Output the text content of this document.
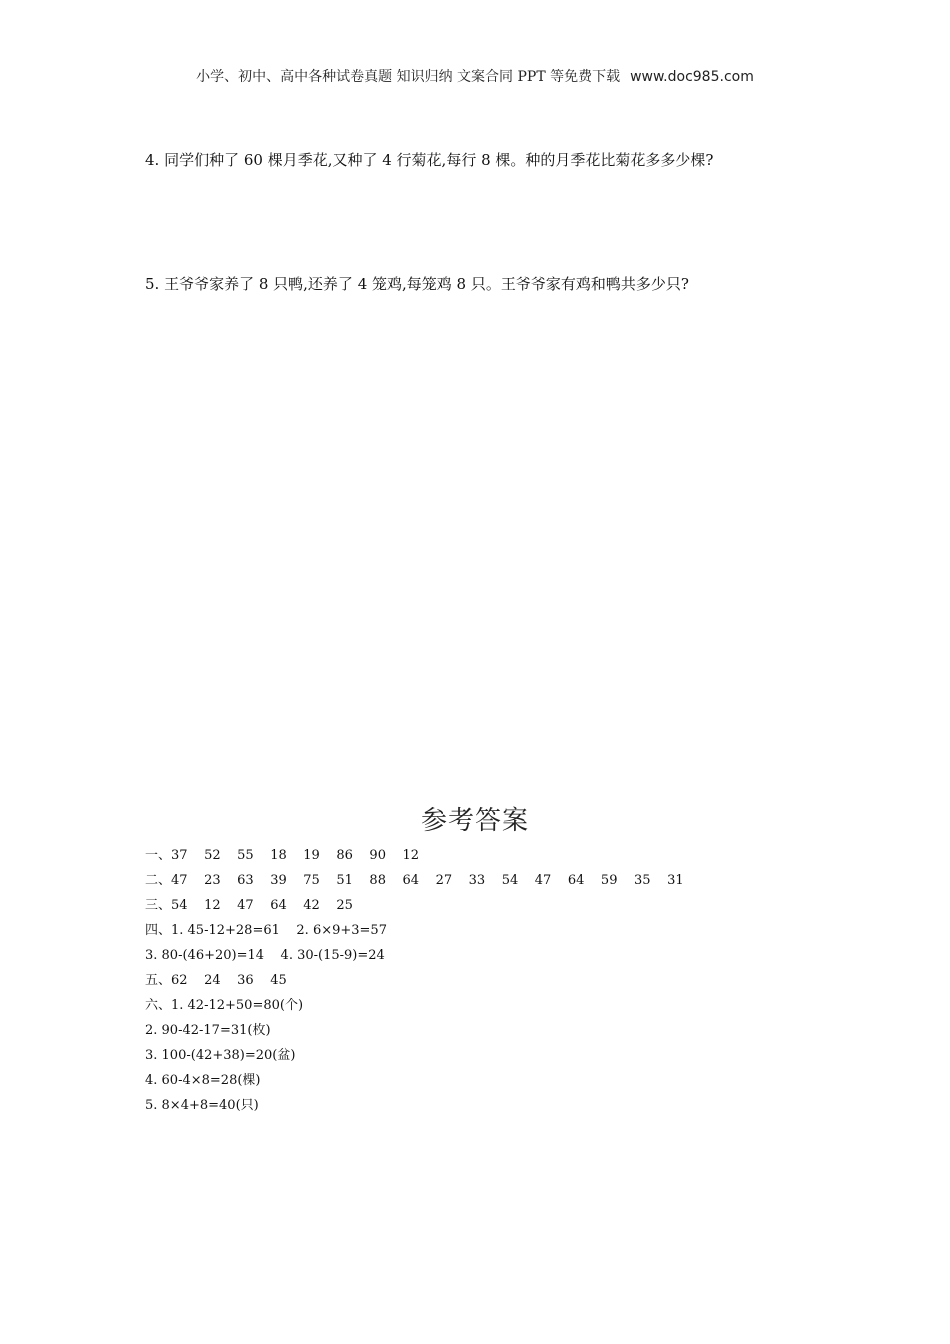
小学、初中、高中各种试卷真题 知识归纳 文案合同 PPT 等免费下载 www.doc985.com
4. 同学们种了 60 棵月季花,又种了 4 行菊花,每行 8 棵。种的月季花比菊花多多少棵?
5. 王爷爷家养了 8 只鸭,还养了 4 笼鸡,每笼鸡 8 只。王爷爷家有鸡和鸭共多少只?
参考答案
一、37    52    55    18    19    86    90    12
二、47    23    63    39    75    51    88    64    27    33    54    47    64    59    35    31
三、54    12    47    64    42    25
四、1. 45-12+28=61    2. 6×9+3=57
3. 80-(46+20)=14    4. 30-(15-9)=24
五、62    24    36    45
六、1. 42-12+50=80(个)
2. 90-42-17=31(枚)
3. 100-(42+38)=20(盆)
4. 60-4×8=28(棵)
5. 8×4+8=40(只)
